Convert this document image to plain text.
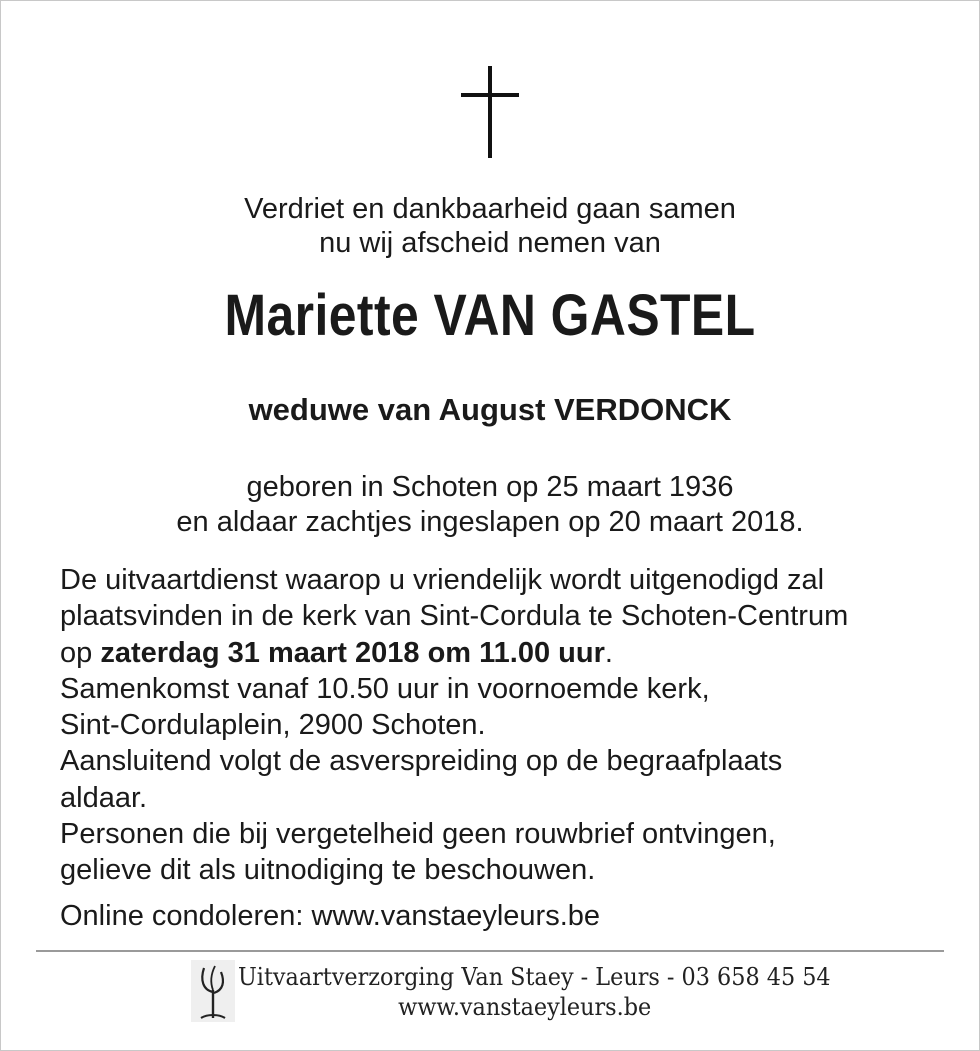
Verdriet en dankbaarheid gaan samen
nu wij afscheid nemen van
Mariette VAN GASTEL
weduwe van August VERDONCK
geboren in Schoten op 25 maart 1936
en aldaar zachtjes ingeslapen op 20 maart 2018.

De uitvaartdienst waarop u vriendelijk wordt uitgenodigd zal

plaatsvinden in de kerk van Sint-Cordula te Schoten-Centrum

op zaterdag 31 maart 2018 om 11.00 uur.

Samenkomst vanaf 10.50 uur in voornoemde kerk,

Sint-Cordulaplein, 2900 Schoten.

Aansluitend volgt de asverspreiding op de begraafplaats

aldaar.

Personen die bij vergetelheid geen rouwbrief ontvingen,

gelieve dit als uitnodiging te beschouwen.

Online condoleren: www.vanstaeyleurs.be
Uitvaartverzorging Van Staey - Leurs - 03 658 45 54
www.vanstaeyleurs.be
